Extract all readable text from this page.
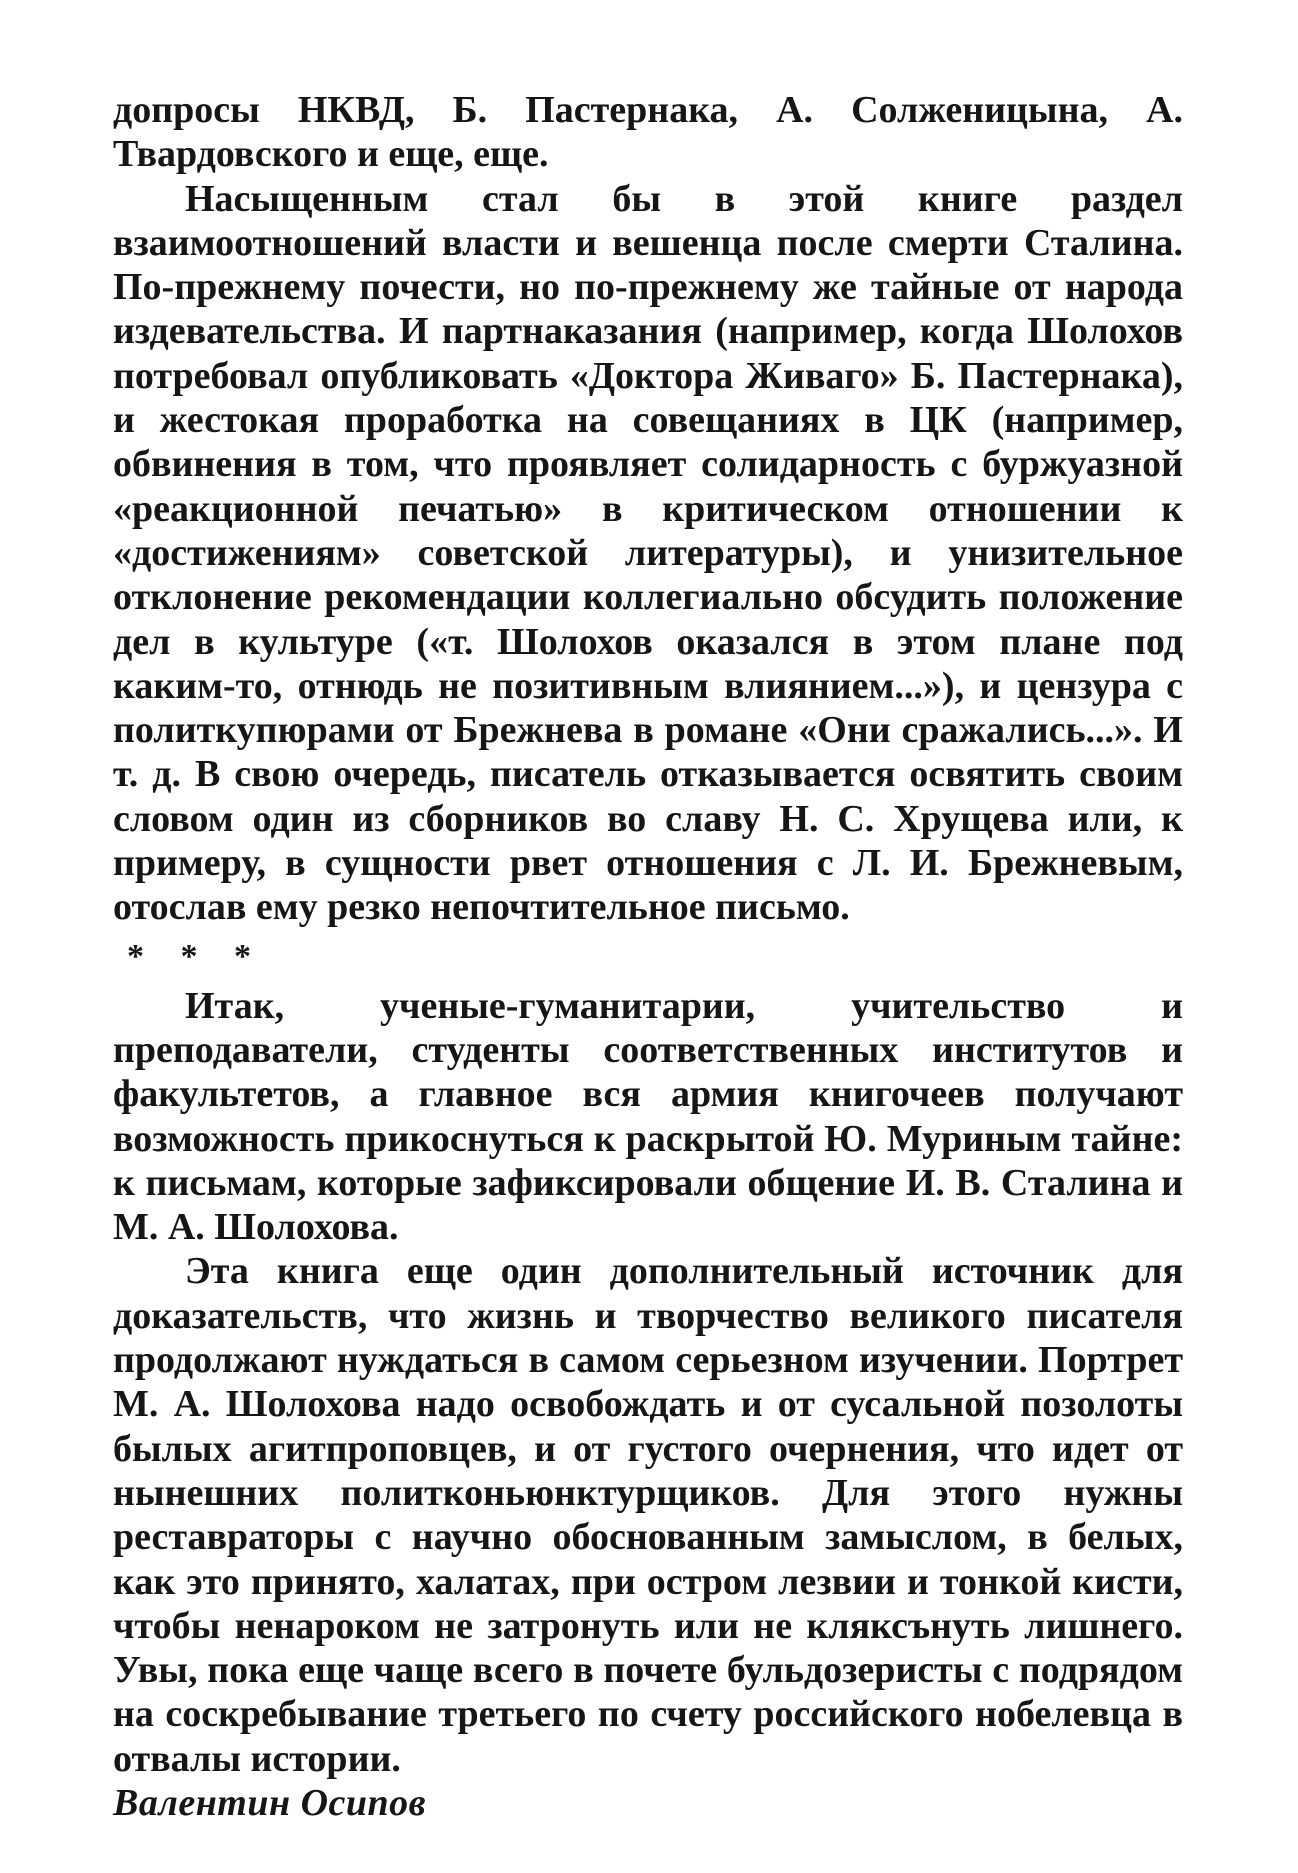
допросы НКВД, Б. Пастернака, А. Солженицына, А. Твардовского и еще, еще.

Насыщенным стал бы в этой книге раздел взаимоотношений власти и вешенца после смерти Сталина. По-прежнему почести, но по-прежнему же тайные от народа издевательства. И партнаказания (например, когда Шолохов потребовал опубликовать «Доктора Живаго» Б. Пастернака), и жестокая проработка на совещаниях в ЦК (например, обвинения в том, что проявляет солидарность с буржуазной «реакционной печатью» в критическом отношении к «достижениям» советской литературы), и унизительное отклонение рекомендации коллегиально обсудить положение дел в культуре («т. Шолохов оказался в этом плане под каким-то, отнюдь не позитивным влиянием...»), и цензура с политкупюрами от Брежнева в романе «Они сражались...». И т. д. В свою очередь, писатель отказывается освятить своим словом один из сборников во славу Н. С. Хрущева или, к примеру, в сущности рвет отношения с Л. И. Брежневым, отослав ему резко непочтительное письмо.

* * *

Итак, ученые-гуманитарии, учительство и преподаватели, студенты соответственных институтов и факультетов, а главное вся армия книгочеев получают возможность прикоснуться к раскрытой Ю. Муриным тайне: к письмам, которые зафиксировали общение И. В. Сталина и М. А. Шолохова.

Эта книга еще один дополнительный источник для доказательств, что жизнь и творчество великого писателя продолжают нуждаться в самом серьезном изучении. Портрет М. А. Шолохова надо освобождать и от сусальной позолоты былых агитпроповцев, и от густого очернения, что идет от нынешних политконьюнктурщиков. Для этого нужны реставраторы с научно обоснованным замыслом, в белых, как это принято, халатах, при остром лезвии и тонкой кисти, чтобы ненароком не затронуть или не кляксънуть лишнего. Увы, пока еще чаще всего в почете бульдозеристы с подрядом на соскребывание третьего по счету российского нобелевца в отвалы истории.

Валентин Осипов
